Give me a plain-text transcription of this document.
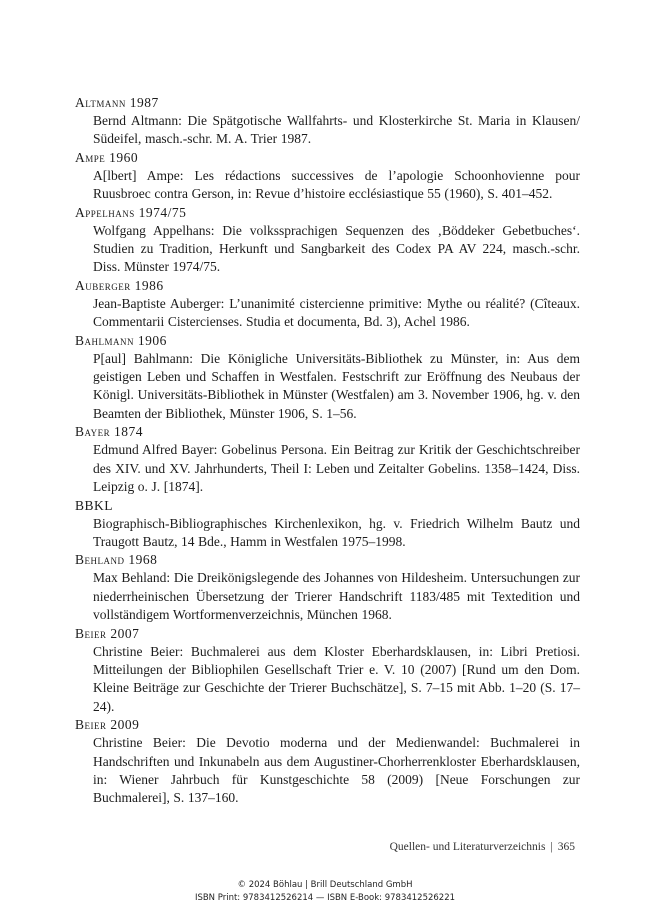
Altmann 1987
Bernd Altmann: Die Spätgotische Wallfahrts- und Klosterkirche St. Maria in Klausen/ Südeifel, masch.-schr. M. A. Trier 1987.
Ampe 1960
A[lbert] Ampe: Les rédactions successives de l’apologie Schoonhovienne pour Ruusbroec contra Gerson, in: Revue d’histoire ecclésiastique 55 (1960), S. 401–452.
Appelhans 1974/75
Wolfgang Appelhans: Die volkssprachigen Sequenzen des ‚Böddeker Gebetbuches‘. Studien zu Tradition, Herkunft und Sangbarkeit des Codex PA AV 224, masch.-schr. Diss. Münster 1974/75.
Auberger 1986
Jean-Baptiste Auberger: L’unanimité cistercienne primitive: Mythe ou réalité? (Cîteaux. Commentarii Cistercienses. Studia et documenta, Bd. 3), Achel 1986.
Bahlmann 1906
P[aul] Bahlmann: Die Königliche Universitäts-Bibliothek zu Münster, in: Aus dem geistigen Leben und Schaffen in Westfalen. Festschrift zur Eröffnung des Neubaus der Königl. Universitäts-Bibliothek in Münster (Westfalen) am 3. November 1906, hg. v. den Beamten der Bibliothek, Münster 1906, S. 1–56.
Bayer 1874
Edmund Alfred Bayer: Gobelinus Persona. Ein Beitrag zur Kritik der Geschichtschreiber des XIV. und XV. Jahrhunderts, Theil I: Leben und Zeitalter Gobelins. 1358–1424, Diss. Leipzig o. J. [1874].
BBKL
Biographisch-Bibliographisches Kirchenlexikon, hg. v. Friedrich Wilhelm Bautz und Traugott Bautz, 14 Bde., Hamm in Westfalen 1975–1998.
Behland 1968
Max Behland: Die Dreikönigslegende des Johannes von Hildesheim. Untersuchungen zur niederrheinischen Übersetzung der Trierer Handschrift 1183/485 mit Textedition und vollständigem Wortformenverzeichnis, München 1968.
Beier 2007
Christine Beier: Buchmalerei aus dem Kloster Eberhardsklausen, in: Libri Pretiosi. Mitteilungen der Bibliophilen Gesellschaft Trier e. V. 10 (2007) [Rund um den Dom. Kleine Beiträge zur Geschichte der Trierer Buchschätze], S. 7–15 mit Abb. 1–20 (S. 17–24).
Beier 2009
Christine Beier: Die Devotio moderna und der Medienwandel: Buchmalerei in Handschriften und Inkunabeln aus dem Augustiner-Chorherrenkloster Eberhardsklausen, in: Wiener Jahrbuch für Kunstgeschichte 58 (2009) [Neue Forschungen zur Buchmalerei], S. 137–160.
Quellen- und Literaturverzeichnis | 365
© 2024 Böhlau | Brill Deutschland GmbH
ISBN Print: 9783412526214 — ISBN E-Book: 9783412526221
